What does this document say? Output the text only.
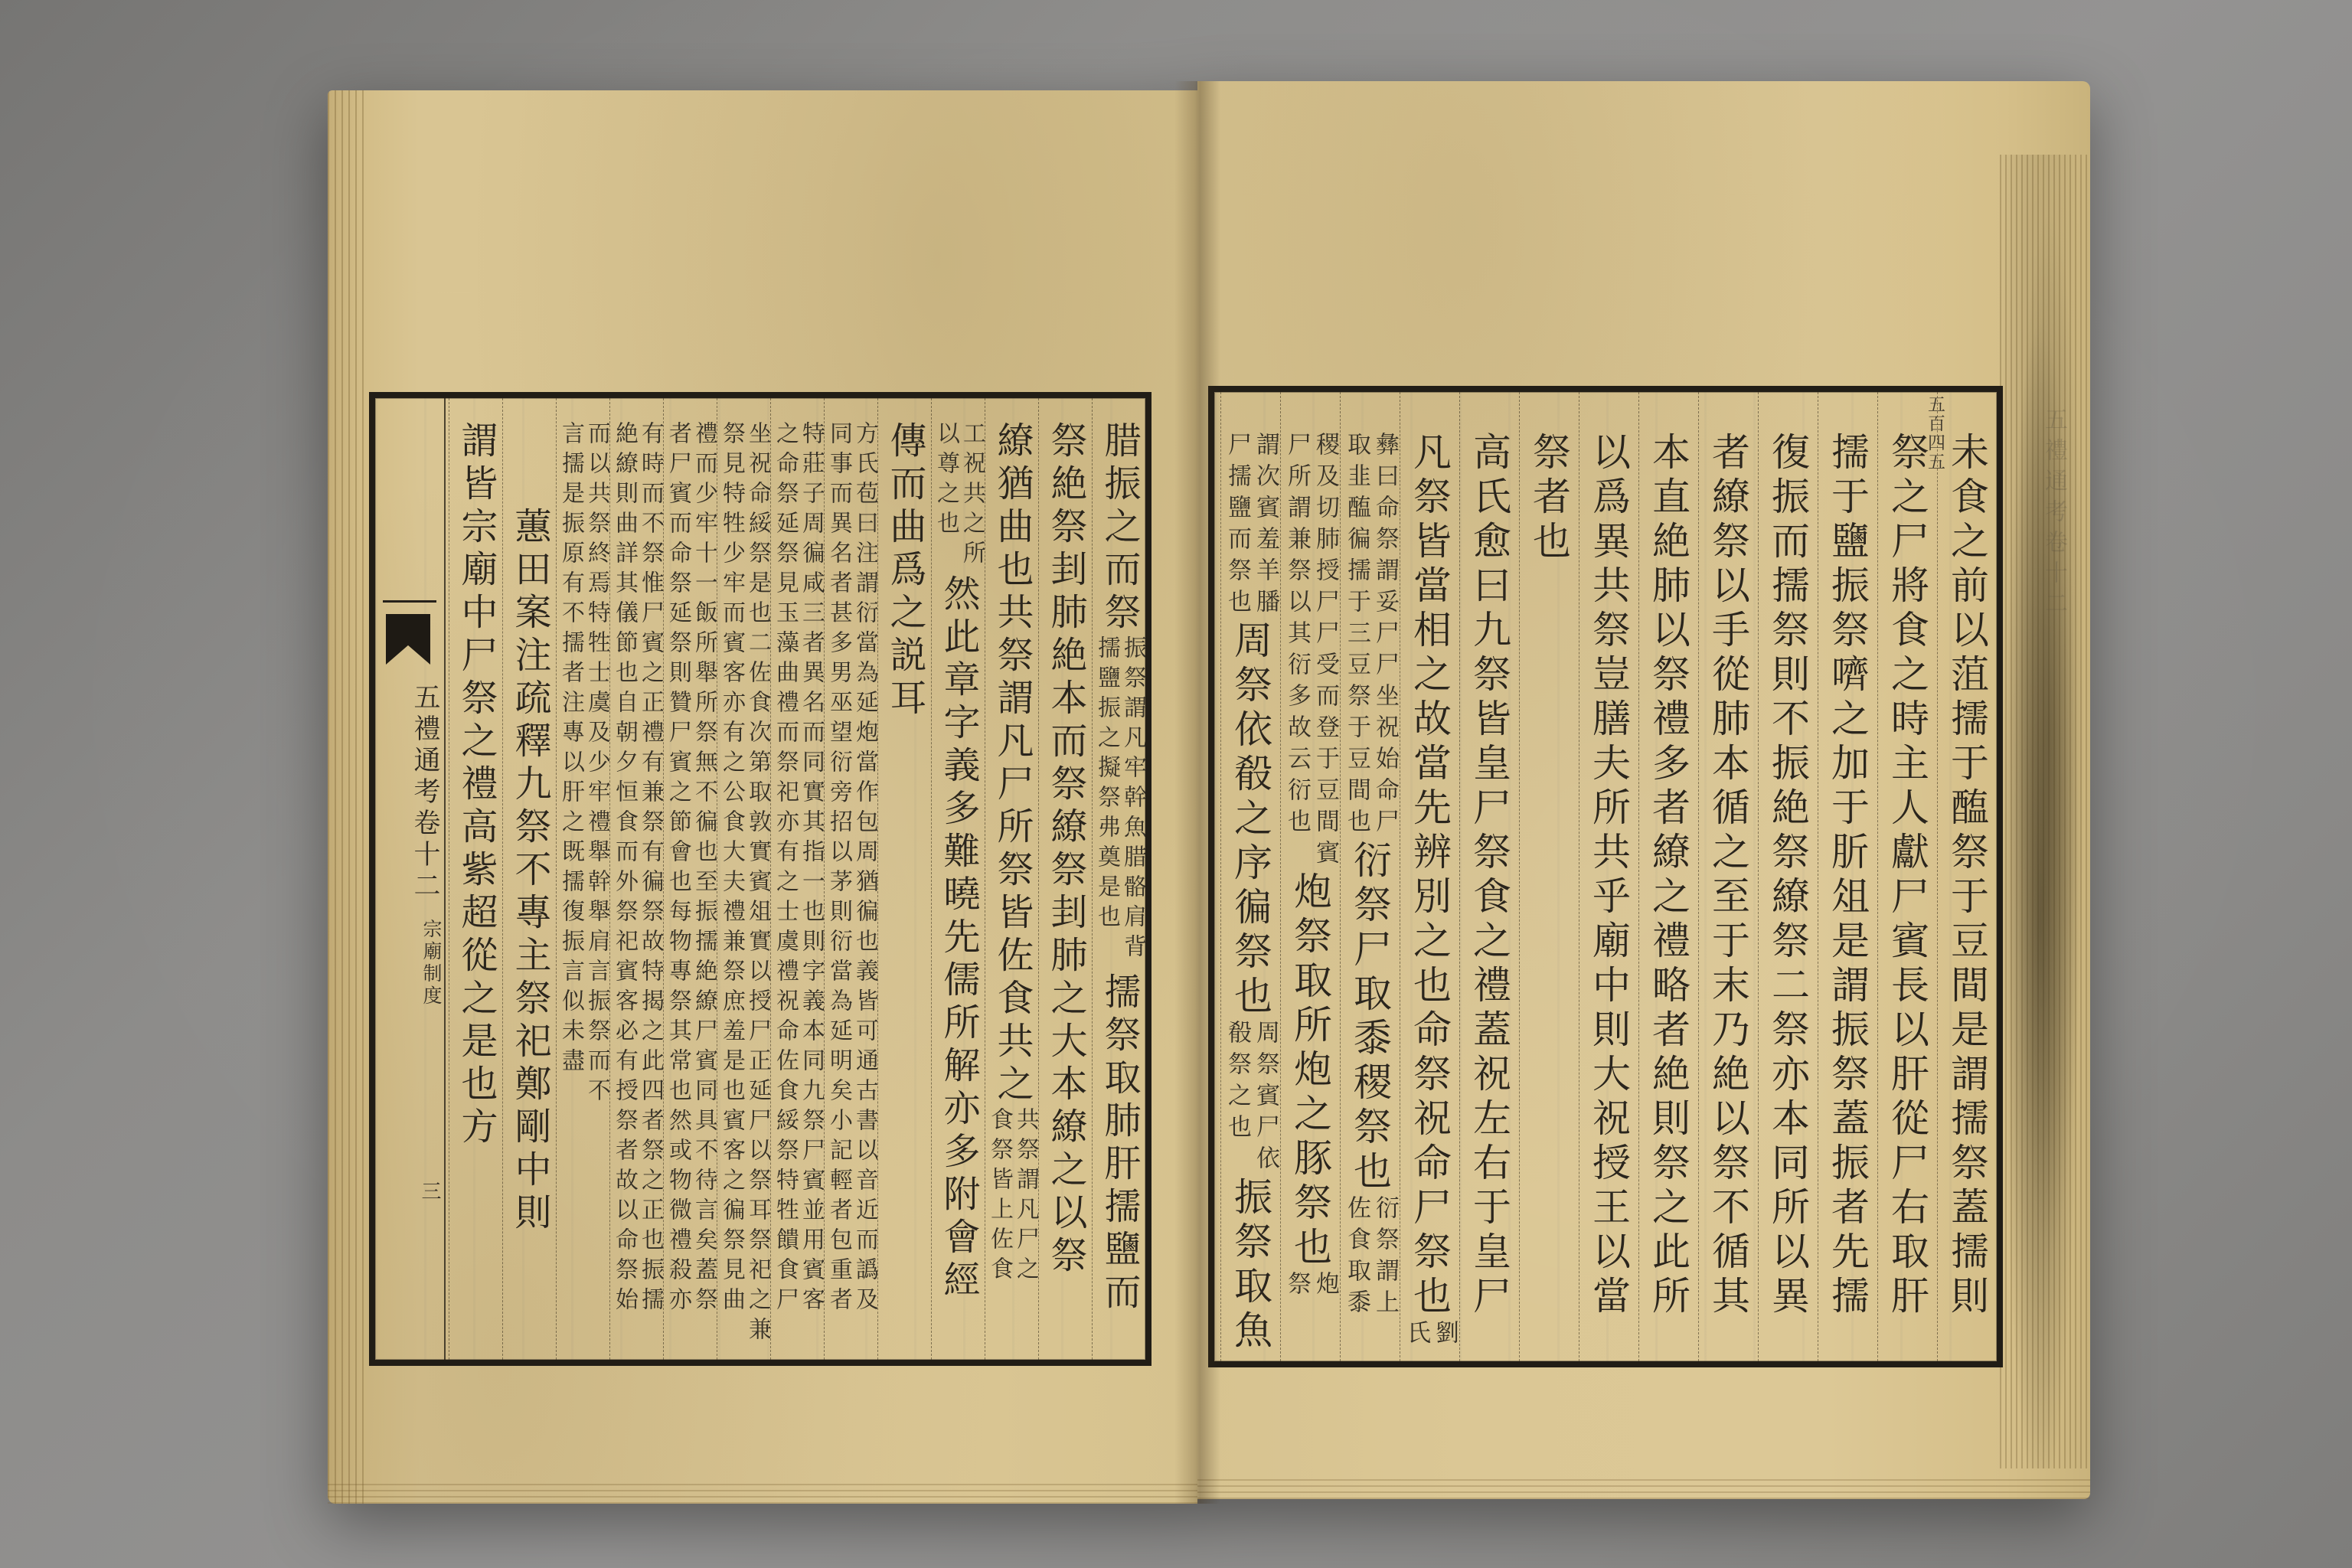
五禮通考卷十二
宗廟制度
三
腊振之而祭振祭謂凡牢幹魚腊骼肩背擩鹽振之擬祭弗奠是也擩祭取肺肝擩鹽而
祭絶祭刲肺絶本而祭繚祭刲肺之大本繚之以祭
繚猶曲也共祭謂凡尸所祭皆佐食共之共祭謂凡尸之食祭皆上佐食
工祝共之所以尊之也然此章字義多難曉先儒所解亦多附會經
傳而曲爲之説耳
方氏苞曰注謂衍當為延炮當作包周猶徧也義皆可通古書以音近而譌及同事而異名者甚多男巫望衍旁招以茅則衍當為延明矣小記輕者包重者
特莊子周徧咸三者異名而同實其指一也則字義本同九祭尸賓並用賓客之命祭延祭見玉藻曲禮而祭祀亦有之士虞禮祝命佐食綏祭特牲饋食尸
坐祝命綏祭是也二佐食次第取敦實賓俎實以授尸正延尸以祭耳祭祀之兼祭見特牲少牢而賓客亦有之公食大夫禮兼祭庶羞是也賓客之徧祭見曲
禮而少牢十一飯所舉所祭無不徧也至振擩絶繚尸賓同具不待言矣蓋祭者尸賓而命祭延祭則贊尸賓之節會也每物專祭其常也然或物微禮殺亦
有時而不祭惟尸賓之正禮有兼祭有徧祭故特揭之此四者祭之正也振擩絶繚則曲詳其儀節也自朝夕恒食而外祭祀賓客必有授祭者故以命祭始
而以共祭終焉特牲士虞及少牢禮舉幹舉肩言振祭而不言擩是振原有不擩者注專以肝之既擩復振言似未盡
　　蕙田案注疏釋九祭不專主祭祀鄭剛中則
謂皆宗廟中尸祭之禮高紫超從之是也方	五禮通考卷十二
五百四五 未食之前以菹擩于醢祭于豆間是謂擩祭蓋擩則
祭之尸將食之時主人獻尸賓長以肝從尸右取肝
擩于鹽振祭嚌之加于肵俎是謂振祭蓋振者先擩
復振而擩祭則不振絶祭繚祭二祭亦本同所以異
者繚祭以手從肺本循之至于末乃絶以祭不循其
本直絶肺以祭禮多者繚之禮略者絶則祭之此所
以爲異共祭豈膳夫所共乎廟中則大祝授王以當
祭者也
高氏愈曰九祭皆皇尸祭食之禮蓋祝左右于皇尸
凡祭皆當相之故當先辨別之也命祭祝命尸祭也劉氏
彝曰命祭謂妥尸尸坐祝始命尸取韭醢徧擩于三豆祭于豆間也衍祭尸取黍稷祭也衍祭謂上佐食取黍
稷及切肺授尸尸受而登于豆間賓尸所謂兼祭以其衍多故云衍也炮祭取所炮之豚祭也炮祭
謂次賓羞羊膰尸擩鹽而祭也周祭依殽之序徧祭也周祭賓尸依殽祭之也振祭取魚
